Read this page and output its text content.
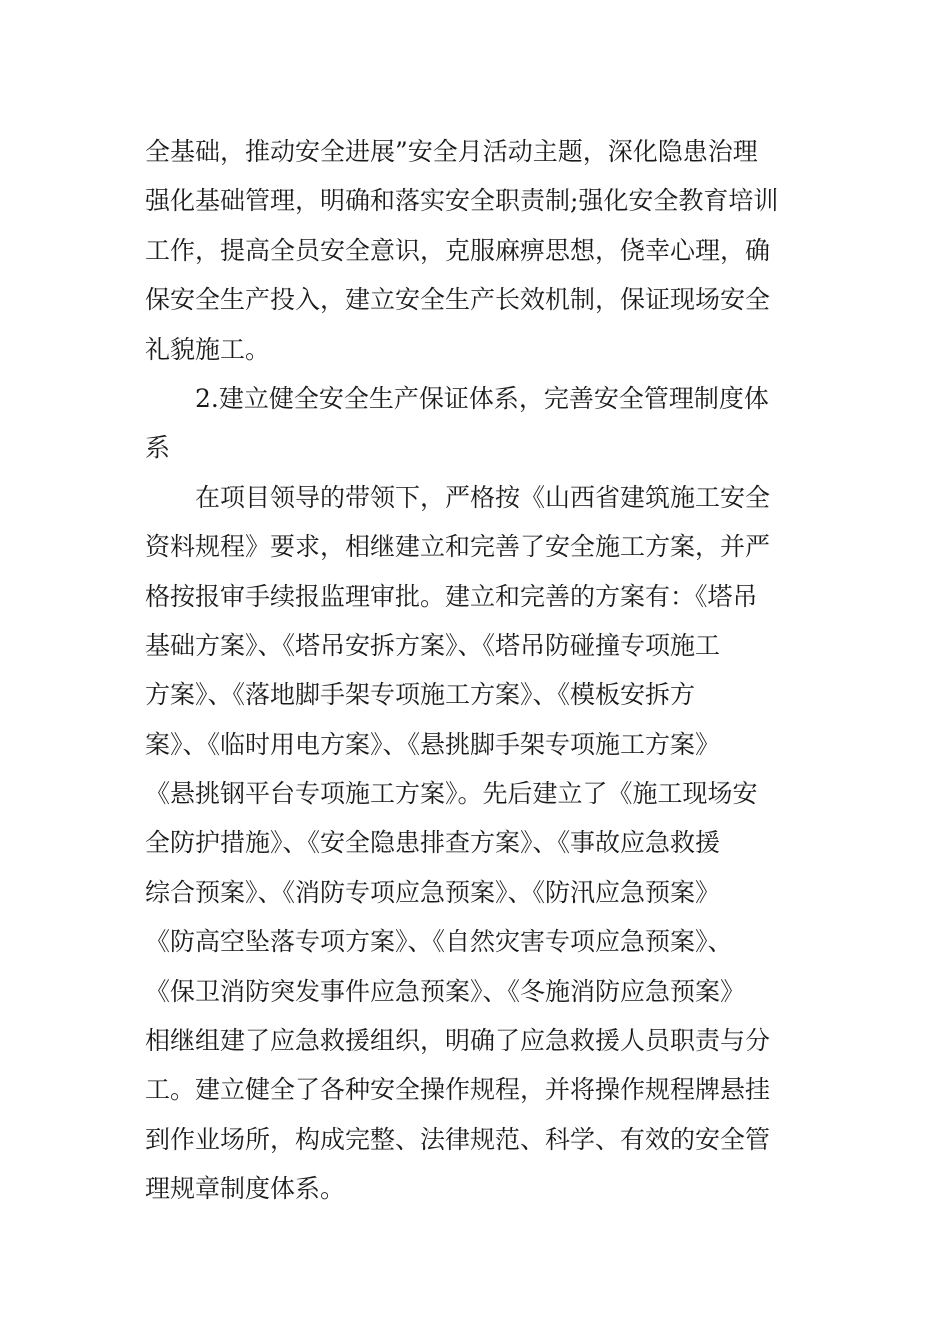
全基础，推动安全进展”安全月活动主题，深化隐患治理
强化基础管理，明确和落实安全职责制;强化安全教育培训
工作，提高全员安全意识，克服麻痹思想，侥幸心理，确
保安全生产投入，建立安全生产长效机制，保证现场安全
礼貌施工。
2.建立健全安全生产保证体系，完善安全管理制度体
系
在项目领导的带领下，严格按《山西省建筑施工安全
资料规程》要求，相继建立和完善了安全施工方案，并严
格按报审手续报监理审批。建立和完善的方案有：《塔吊
基础方案》、《塔吊安拆方案》、《塔吊防碰撞专项施工
方案》、《落地脚手架专项施工方案》、《模板安拆方
案》、《临时用电方案》、《悬挑脚手架专项施工方案》
《悬挑钢平台专项施工方案》。先后建立了《施工现场安
全防护措施》、《安全隐患排查方案》、《事故应急救援
综合预案》、《消防专项应急预案》、《防汛应急预案》
《防高空坠落专项方案》、《自然灾害专项应急预案》、
《保卫消防突发事件应急预案》、《冬施消防应急预案》
相继组建了应急救援组织，明确了应急救援人员职责与分
工。建立健全了各种安全操作规程，并将操作规程牌悬挂
到作业场所，构成完整、法律规范、科学、有效的安全管
理规章制度体系。
